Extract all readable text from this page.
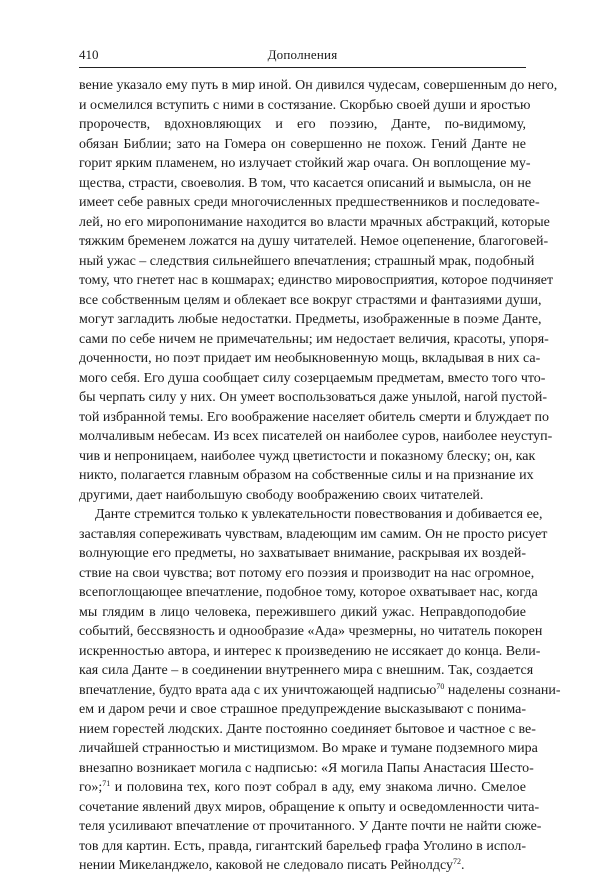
410	Дополнения
вение указало ему путь в мир иной. Он дивился чудесам, совершенным до него,
и осмелился вступить с ними в состязание. Скорбью своей души и яростью
пророчеств, вдохновляющих и его поэзию, Данте, по-видимому,
обязан Библии; зато на Гомера он совершенно не похож. Гений Данте не
горит ярким пламенем, но излучает стойкий жар очага. Он воплощение му-
щества, страсти, своеволия. В том, что касается описаний и вымысла, он не
имеет себе равных среди многочисленных предшественников и последовате-
лей, но его миропонимание находится во власти мрачных абстракций, которые
тяжким бременем ложатся на душу читателей. Немое оцепенение, благоговей-
ный ужас – следствия сильнейшего впечатления; страшный мрак, подобный
тому, что гнетет нас в кошмарах; единство мировосприятия, которое подчиняет
все собственным целям и облекает все вокруг страстями и фантазиями души,
могут загладить любые недостатки. Предметы, изображенные в поэме Данте,
сами по себе ничем не примечательны; им недостает величия, красоты, упоря-
доченности, но поэт придает им необыкновенную мощь, вкладывая в них са-
мого себя. Его душа сообщает силу созерцаемым предметам, вместо того что-
бы черпать силу у них. Он умеет воспользоваться даже унылой, нагой пустой-
той избранной темы. Его воображение населяет обитель смерти и блуждает по
молчаливым небесам. Из всех писателей он наиболее суров, наиболее неуступ-
чив и непроницаем, наиболее чужд цветистости и показному блеску; он, как
никто, полагается главным образом на собственные силы и на признание их
другими, дает наибольшую свободу воображению своих читателей.
Данте стремится только к увлекательности повествования и добивается ее,
заставляя сопереживать чувствам, владеющим им самим. Он не просто рисует
волнующие его предметы, но захватывает внимание, раскрывая их воздей-
ствие на свои чувства; вот потому его поэзия и производит на нас огромное,
всепоглощающее впечатление, подобное тому, которое охватывает нас, когда
мы глядим в лицо человека, пережившего дикий ужас. Неправдоподобие
событий, бессвязность и однообразие «Ада» чрезмерны, но читатель покорен
искренностью автора, и интерес к произведению не иссякает до конца. Вели-
кая сила Данте – в соединении внутреннего мира с внешним. Так, создается
впечатление, будто врата ада с их уничтожающей надписью$^{70}$ наделены сознани-
ем и даром речи и свое страшное предупреждение высказывают с понима-
нием горестей людских. Данте постоянно соединяет бытовое и частное с ве-
личайшей странностью и мистицизмом. Во мраке и тумане подземного мира
внезапно возникает могила с надписью: «Я могила Папы Анастасия Шесто-
го»;$^{71}$ и половина тех, кого поэт собрал в аду, ему знакома лично. Смелое
сочетание явлений двух миров, обращение к опыту и осведомленности чита-
теля усиливают впечатление от прочитанного. У Данте почти не найти сюже-
тов для картин. Есть, правда, гигантский барельеф графа Уголино в испол-
нении Микеланджело, каковой не следовало писать Рейнолдсу$^{72}$.
